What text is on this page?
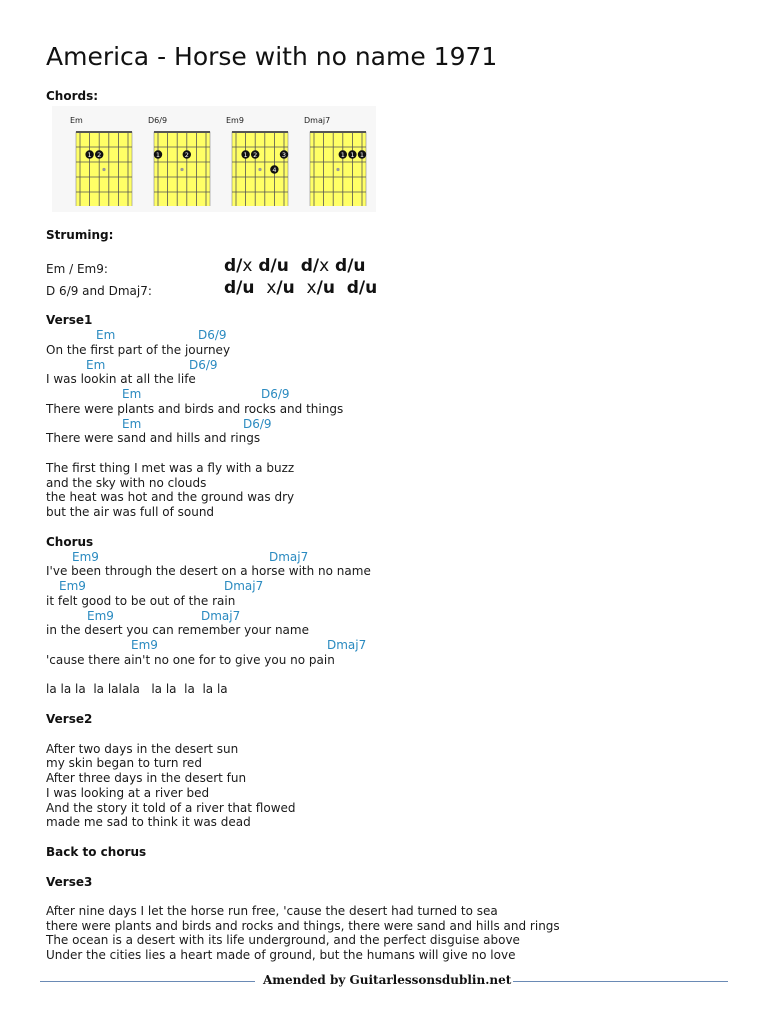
America - Horse with no name 1971
Chords:
Em
1 2
D6/9
1	2
Em9
1 2	3
4
Dmaj7
1 1 1
Struming:
Em / Em9:	d/x d/u  d/x d/u
D 6/9 and Dmaj7:	d/u  x/u  x/u  d/u
Verse1
Em	D6/9
On the first part of the journey
Em	D6/9
I was lookin at all the life
Em	D6/9
There were plants and birds and rocks and things
Em	D6/9
There were sand and hills and rings
The first thing I met was a fly with a buzz
and the sky with no clouds
the heat was hot and the ground was dry
but the air was full of sound
Chorus
Em9	Dmaj7
I've been through the desert on a horse with no name
Em9	Dmaj7
it felt good to be out of the rain
Em9	Dmaj7
in the desert you can remember your name
Em9	Dmaj7
'cause there ain't no one for to give you no pain
la la la  la lalala   la la  la  la la
Verse2
After two days in the desert sun
my skin began to turn red
After three days in the desert fun
I was looking at a river bed
And the story it told of a river that flowed
made me sad to think it was dead
Back to chorus
Verse3
After nine days I let the horse run free, 'cause the desert had turned to sea
there were plants and birds and rocks and things, there were sand and hills and rings
The ocean is a desert with its life underground, and the perfect disguise above
Under the cities lies a heart made of ground, but the humans will give no love
Amended by Guitarlessonsdublin.net
